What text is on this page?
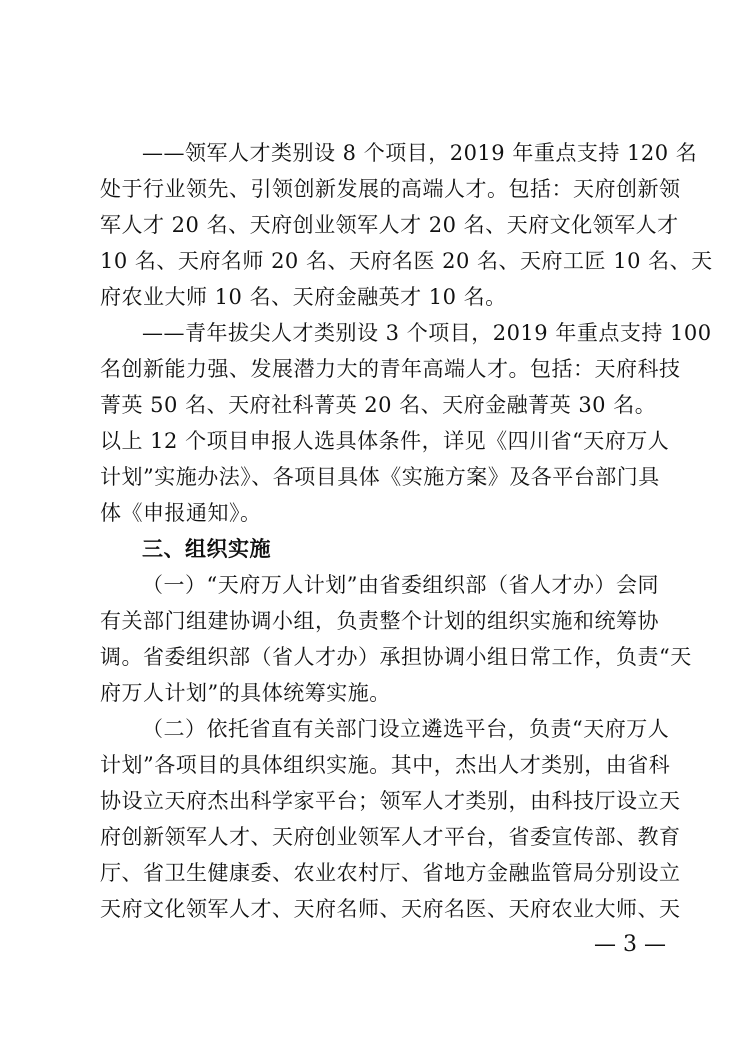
——领军人才类别设 8 个项目，2019 年重点支持 120 名
处于行业领先、引领创新发展的高端人才。包括：天府创新领
军人才 20 名、天府创业领军人才 20 名、天府文化领军人才
10 名、天府名师 20 名、天府名医 20 名、天府工匠 10 名、天
府农业大师 10 名、天府金融英才 10 名。
——青年拔尖人才类别设 3 个项目，2019 年重点支持 100
名创新能力强、发展潜力大的青年高端人才。包括：天府科技
菁英 50 名、天府社科菁英 20 名、天府金融菁英 30 名。
以上 12 个项目申报人选具体条件，详见《四川省“天府万人
计划”实施办法》、各项目具体《实施方案》及各平台部门具
体《申报通知》。
三、组织实施
（一）“天府万人计划”由省委组织部（省人才办）会同
有关部门组建协调小组，负责整个计划的组织实施和统筹协
调。省委组织部（省人才办）承担协调小组日常工作，负责“天
府万人计划”的具体统筹实施。
（二）依托省直有关部门设立遴选平台，负责“天府万人
计划”各项目的具体组织实施。其中，杰出人才类别，由省科
协设立天府杰出科学家平台；领军人才类别，由科技厅设立天
府创新领军人才、天府创业领军人才平台，省委宣传部、教育
厅、省卫生健康委、农业农村厅、省地方金融监管局分别设立
天府文化领军人才、天府名师、天府名医、天府农业大师、天
— 3 —
